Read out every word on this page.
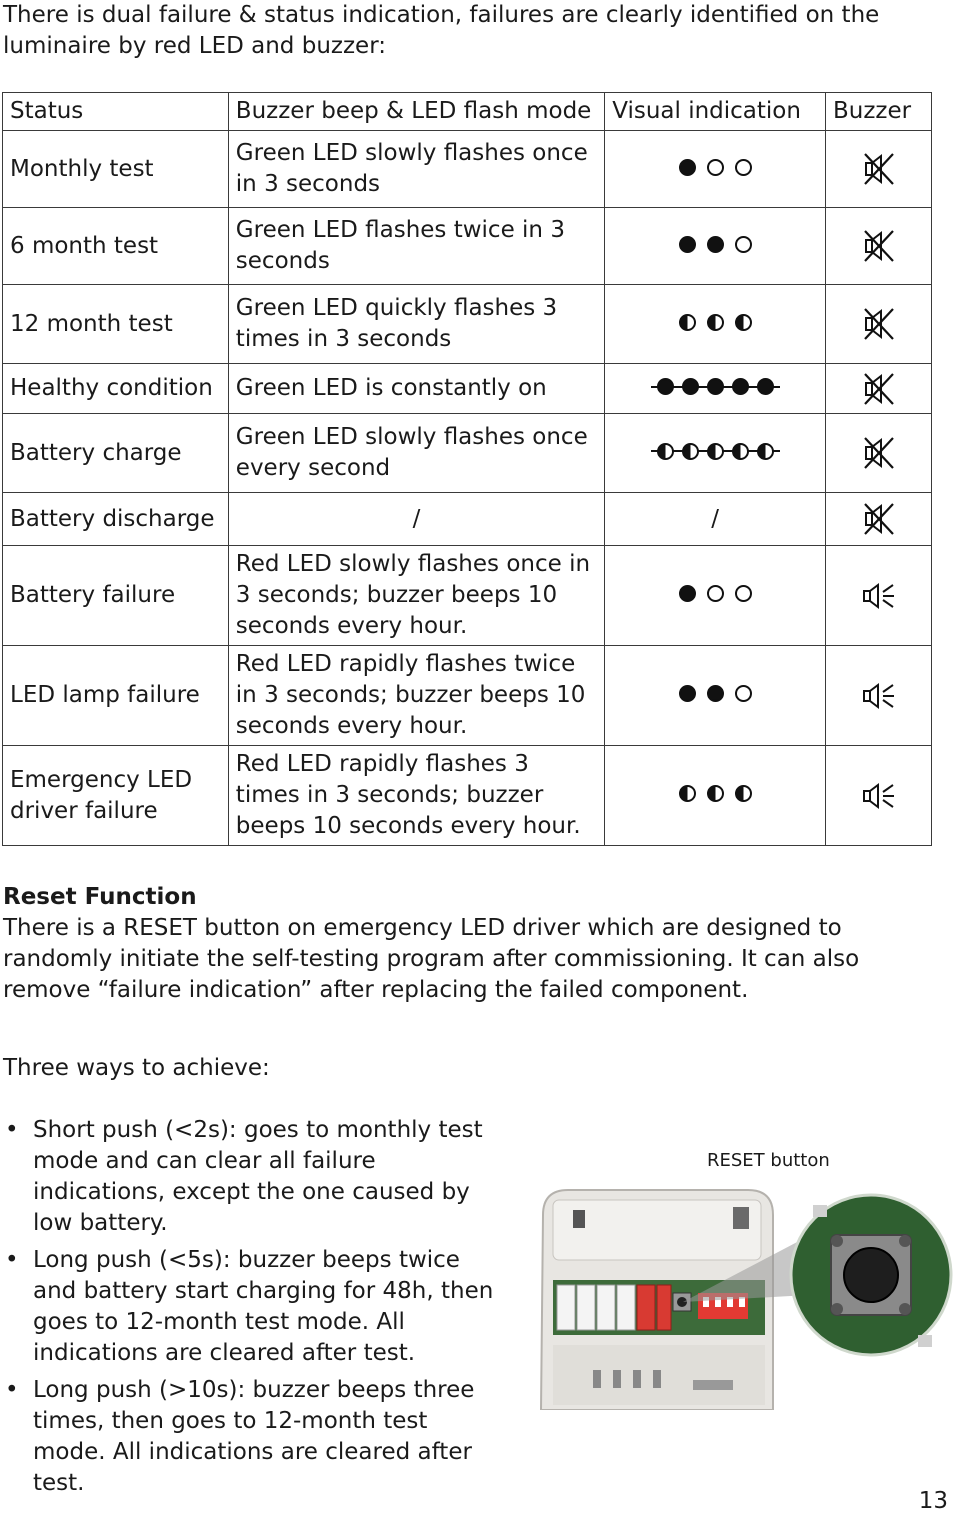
There is dual failure & status indication, failures are clearly identified on the luminaire by red LED and buzzer:
Status	Buzzer beep & LED flash mode	Visual indication	Buzzer
Monthly test	Green LED slowly flashes once in 3 seconds	

6 month test	Green LED flashes twice in 3 seconds	

12 month test	Green LED quickly flashes 3 times in 3 seconds	

Healthy condition	Green LED is constantly on	

Battery charge	Green LED slowly flashes once every second	

Battery discharge	/	/	
Battery failure	Red LED slowly flashes once in 3 seconds; buzzer beeps 10 seconds every hour.	

LED lamp failure	Red LED rapidly flashes twice in 3 seconds; buzzer beeps 10 seconds every hour.	

Emergency LED driver failure	Red LED rapidly flashes 3 times in 3 seconds; buzzer beeps 10 seconds every hour.	

Reset Function
There is a RESET button on emergency LED driver which are designed to randomly initiate the self-testing program after commissioning. It can also remove “failure indication” after replacing the failed component.
Three ways to achieve:
• Short push (<2s): goes to monthly test mode and can clear all failure indications, except the one caused by low battery.
• Long push (<5s): buzzer beeps twice and battery start charging for 48h, then goes to 12-month test mode. All indications are cleared after test.
• Long push (>10s): buzzer beeps three times, then goes to 12-month test mode. All indications are cleared after test.
RESET button
13
